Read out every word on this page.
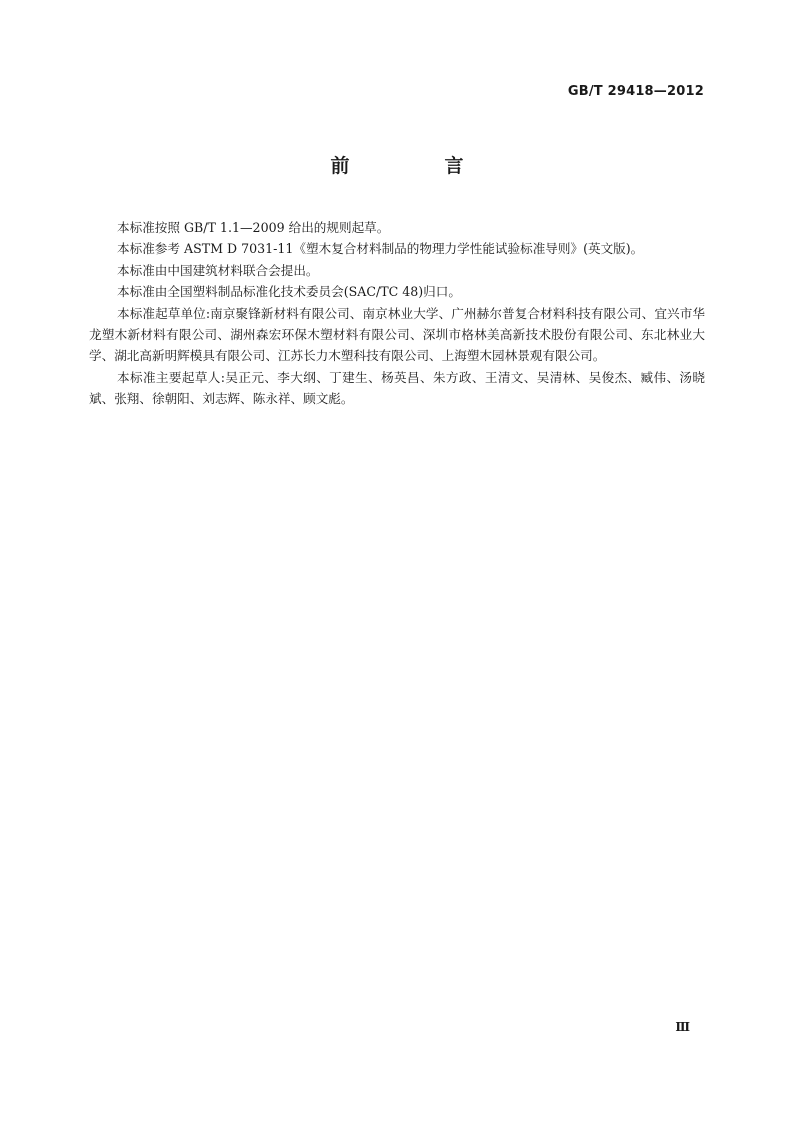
GB/T 29418—2012
前　言

本标准按照 GB/T 1.1—2009 给出的规则起草。

本标准参考 ASTM D 7031-11《塑木复合材料制品的物理力学性能试验标准导则》(英文版)。

本标准由中国建筑材料联合会提出。

本标准由全国塑料制品标准化技术委员会(SAC/TC 48)归口。

本标准起草单位:南京聚锋新材料有限公司、南京林业大学、广州赫尔普复合材料科技有限公司、宜兴市华龙塑木新材料有限公司、湖州森宏环保木塑材料有限公司、深圳市格林美高新技术股份有限公司、东北林业大学、湖北高新明辉模具有限公司、江苏长力木塑科技有限公司、上海塑木园林景观有限公司。

本标准主要起草人:吴正元、李大纲、丁建生、杨英昌、朱方政、王清文、吴清林、吴俊杰、臧伟、汤晓斌、张翔、徐朝阳、刘志辉、陈永祥、顾文彪。

Ⅲ
